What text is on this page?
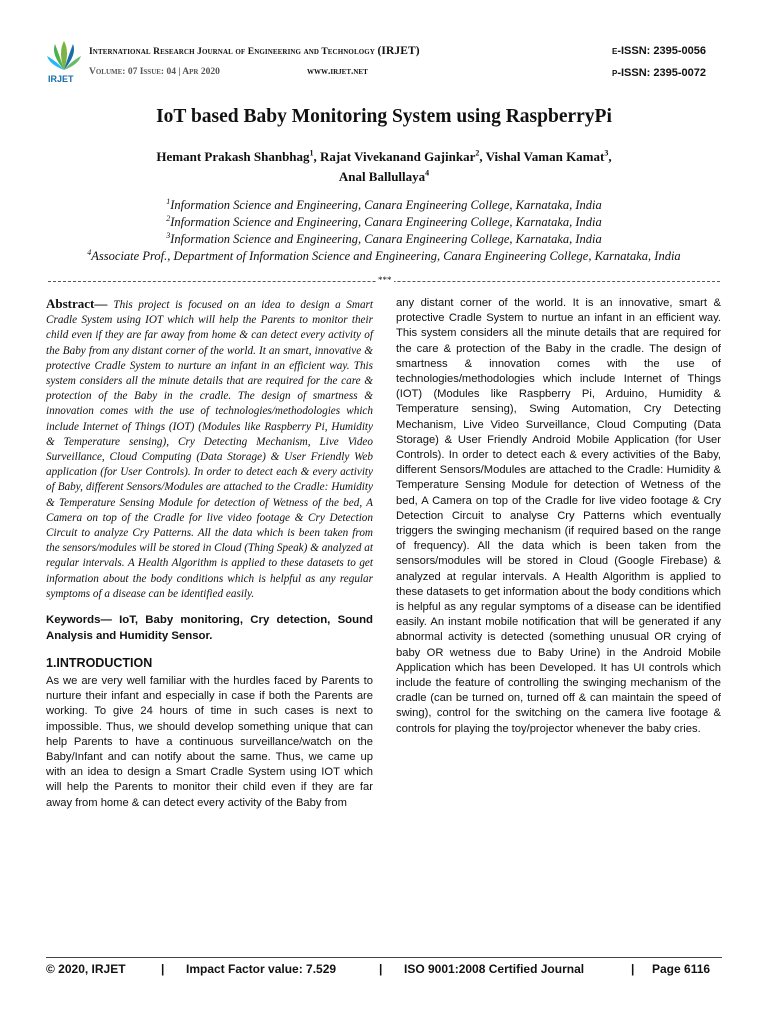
IRJET
International Research Journal of Engineering and Technology (IRJET)
Volume: 07 Issue: 04 | Apr 2020	www.irjet.net
e-ISSN: 2395-0056
p-ISSN: 2395-0072
IoT based Baby Monitoring System using RaspberryPi
Hemant Prakash Shanbhag$^1$, Rajat Vivekanand Gajinkar$^2$, Vishal Vaman Kamat$^3$,
Anal Ballullaya$^4$
$^1$Information Science and Engineering, Canara Engineering College, Karnataka, India
$^2$Information Science and Engineering, Canara Engineering College, Karnataka, India
$^3$Information Science and Engineering, Canara Engineering College, Karnataka, India
$^4$Associate Prof., Department of Information Science and Engineering, Canara Engineering College, Karnataka, India
***

Abstract— This project is focused on an idea to design a Smart Cradle System using IOT which will help the Parents to monitor their child even if they are far away from home & can detect every activity of the Baby from any distant corner of the world. It an smart, innovative & protective Cradle System to nurture an infant in an efficient way. This system considers all the minute details that are required for the care & protection of the Baby in the cradle. The design of smartness & innovation comes with the use of technologies/methodologies which include Internet of Things (IOT) (Modules like Raspberry Pi, Humidity & Temperature sensing), Cry Detecting Mechanism, Live Video Surveillance, Cloud Computing (Data Storage) & User Friendly Web application (for User Controls). In order to detect each & every activity of Baby, different Sensors/Modules are attached to the Cradle: Humidity & Temperature Sensing Module for detection of Wetness of the bed, A Camera on top of the Cradle for live video footage & Cry Detection Circuit to analyze Cry Patterns. All the data which is been taken from the sensors/modules will be stored in Cloud (Thing Speak) & analyzed at regular intervals. A Health Algorithm is applied to these datasets to get information about the body conditions which is helpful as any regular symptoms of a disease can be identified easily.

Keywords— IoT, Baby monitoring, Cry detection, Sound Analysis and Humidity Sensor.

1.INTRODUCTION

As we are very well familiar with the hurdles faced by Parents to nurture their infant and especially in case if both the Parents are working. To give 24 hours of time in such cases is next to impossible. Thus, we should develop something unique that can help Parents to have a continuous surveillance/watch on the Baby/Infant and can notify about the same. Thus, we came up with an idea to design a Smart Cradle System using IOT which will help the Parents to monitor their child even if they are far away from home & can detect every activity of the Baby from

any distant corner of the world. It is an innovative, smart & protective Cradle System to nurtue an infant in an efficient way. This system considers all the minute details that are required for the care & protection of the Baby in the cradle. The design of smartness & innovation comes with the use of technologies/methodologies which include Internet of Things (IOT) (Modules like Raspberry Pi, Arduino, Humidity & Temperature sensing), Swing Automation, Cry Detecting Mechanism, Live Video Surveillance, Cloud Computing (Data Storage) & User Friendly Android Mobile Application (for User Controls). In order to detect each & every activities of the Baby, different Sensors/Modules are attached to the Cradle: Humidity & Temperature Sensing Module for detection of Wetness of the bed, A Camera on top of the Cradle for live video footage & Cry Detection Circuit to analyse Cry Patterns which eventually triggers the swinging mechanism (if required based on the range of frequency). All the data which is been taken from the sensors/modules will be stored in Cloud (Google Firebase) & analyzed at regular intervals. A Health Algorithm is applied to these datasets to get information about the body conditions which is helpful as any regular symptoms of a disease can be identified easily. An instant mobile notification that will be generated if any abnormal activity is detected (something unusual OR crying of baby OR wetness due to Baby Urine) in the Android Mobile Application which has been Developed. It has UI controls which include the feature of controlling the swinging mechanism of the cradle (can be turned on, turned off & can maintain the speed of swing), control for the switching on the camera live footage & controls for playing the toy/projector whenever the baby cries.

© 2020, IRJET	| Impact Factor value: 7.529	| ISO 9001:2008 Certified Journal	| Page 6116
